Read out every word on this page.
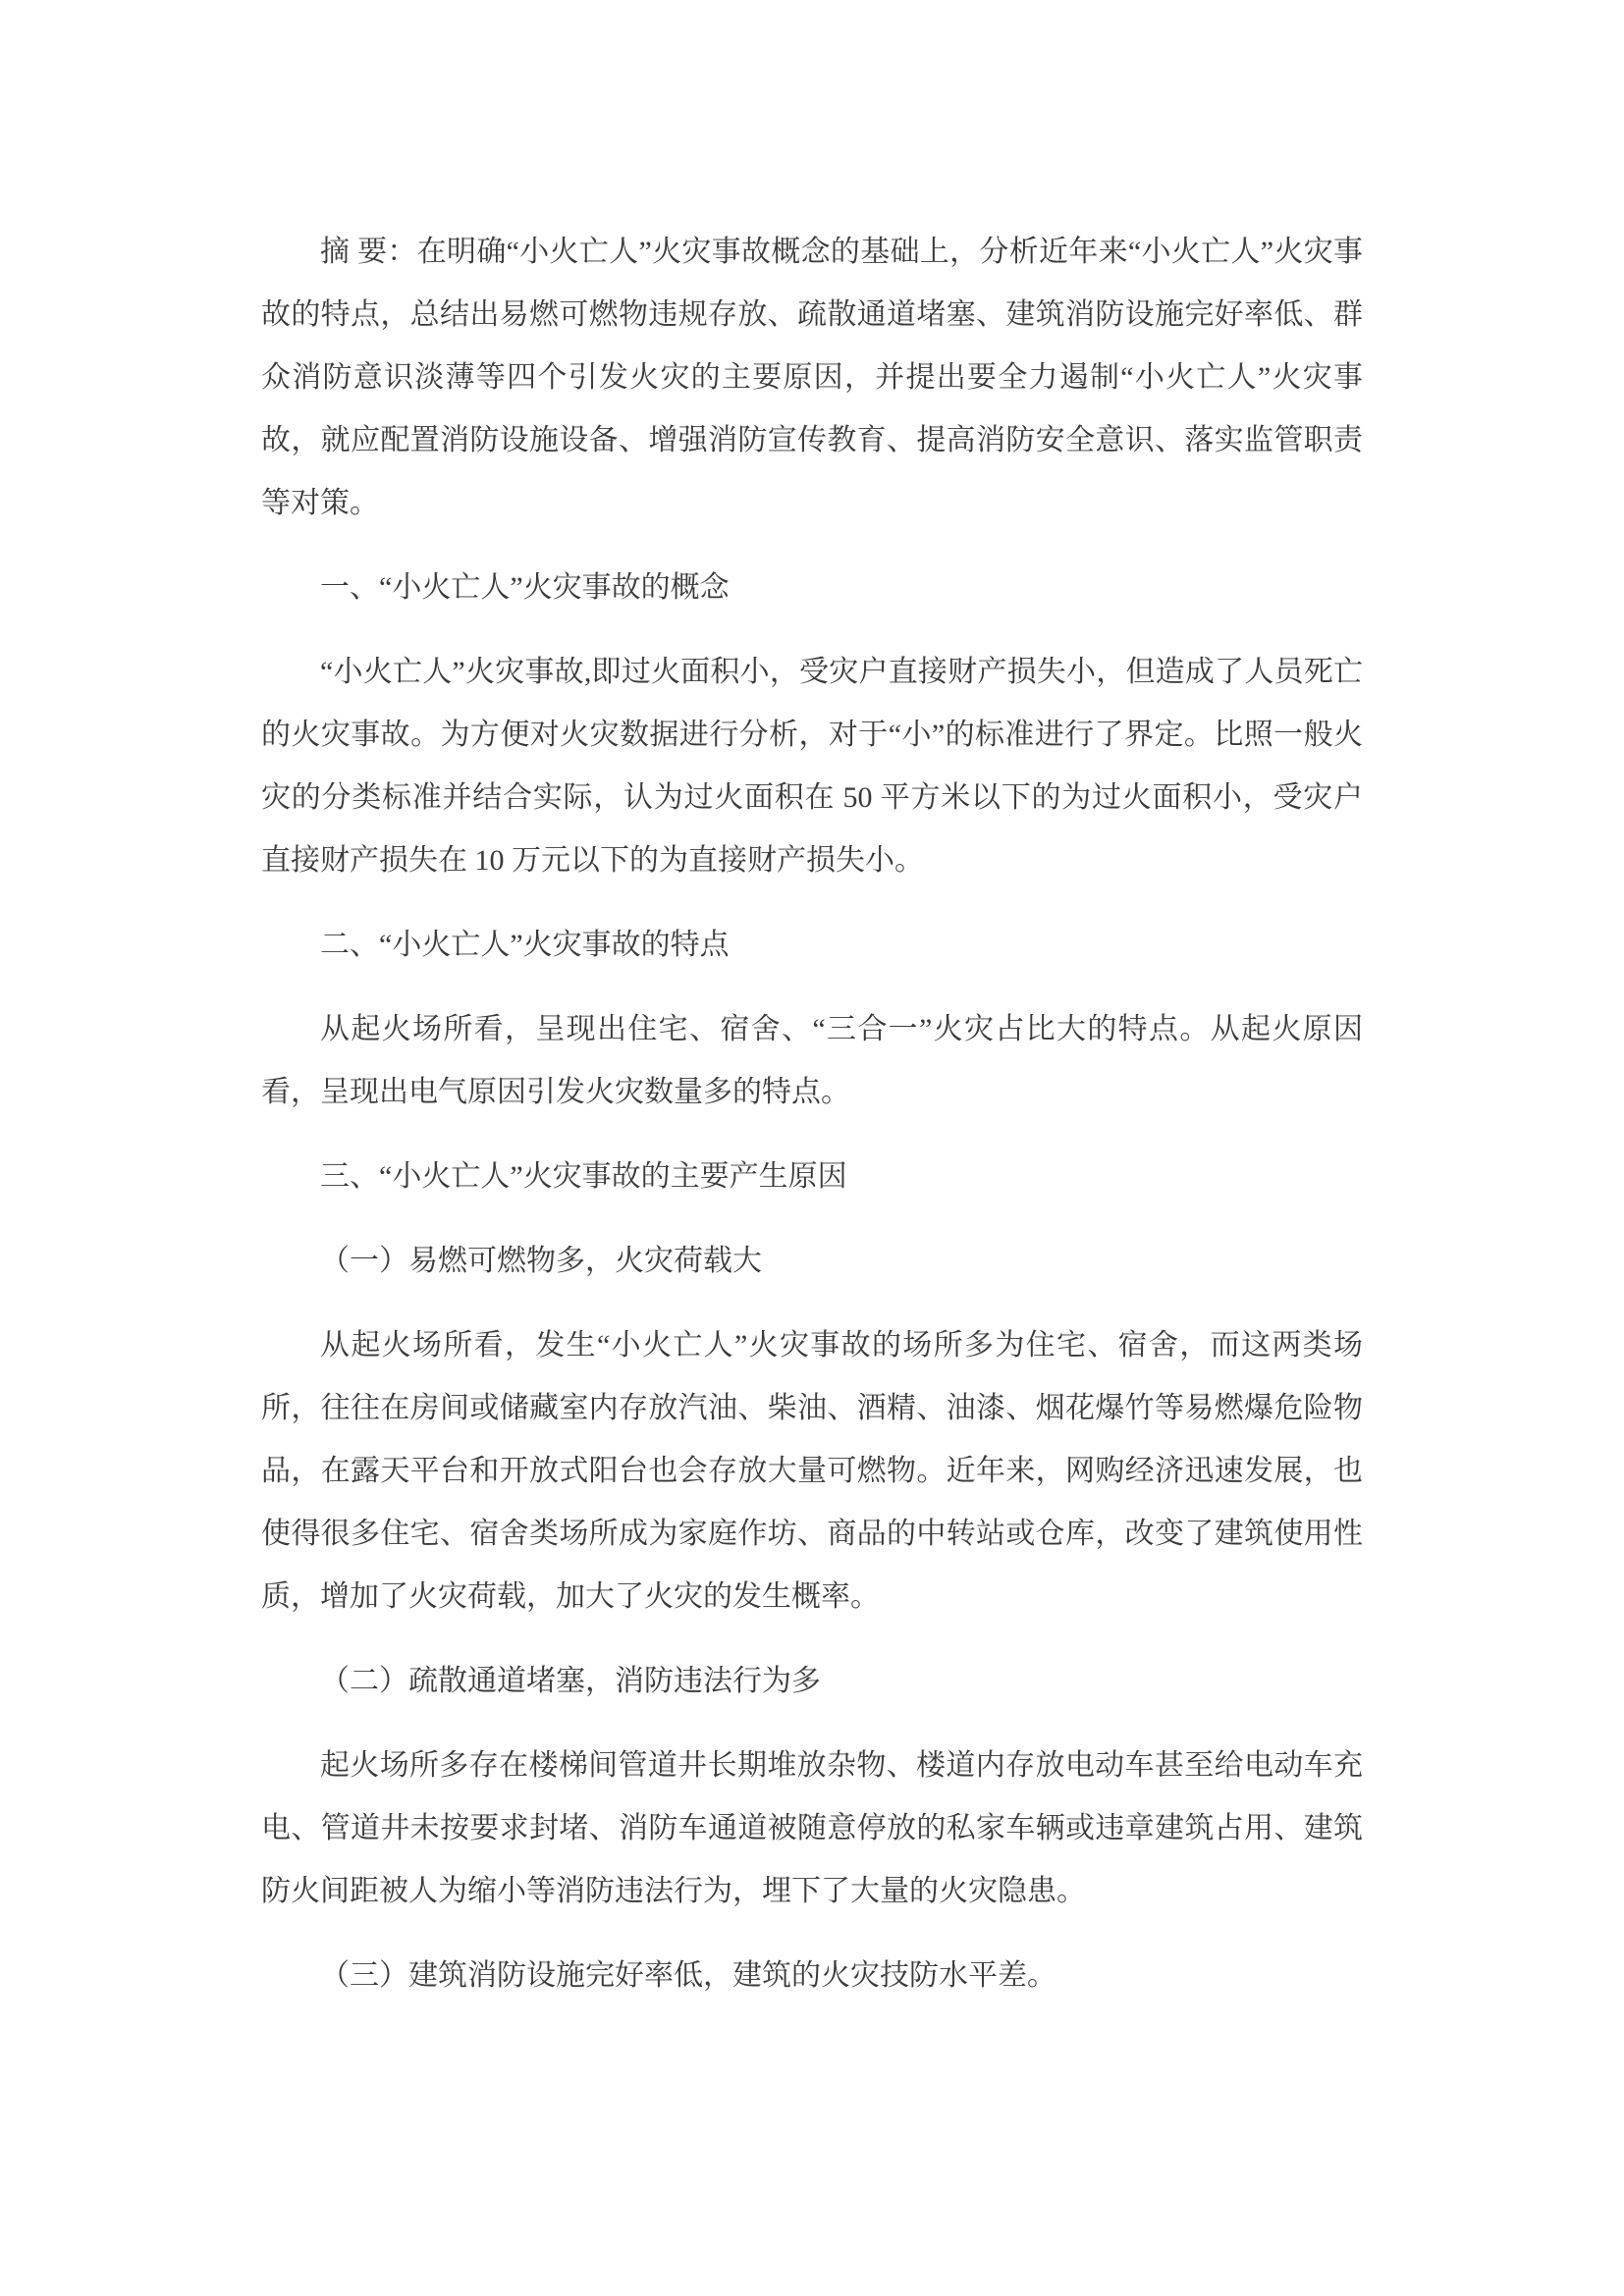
摘 要：在明确“小火亡人”火灾事故概念的基础上，分析近年来“小火亡人”火灾事故的特点，总结出易燃可燃物违规存放、疏散通道堵塞、建筑消防设施完好率低、群众消防意识淡薄等四个引发火灾的主要原因，并提出要全力遏制“小火亡人”火灾事故，就应配置消防设施设备、增强消防宣传教育、提高消防安全意识、落实监管职责等对策。

一、“小火亡人”火灾事故的概念

“小火亡人”火灾事故,即过火面积小，受灾户直接财产损失小，但造成了人员死亡的火灾事故。为方便对火灾数据进行分析，对于“小”的标准进行了界定。比照一般火灾的分类标准并结合实际，认为过火面积在 50 平方米以下的为过火面积小，受灾户直接财产损失在 10 万元以下的为直接财产损失小。

二、“小火亡人”火灾事故的特点

从起火场所看，呈现出住宅、宿舍、“三合一”火灾占比大的特点。从起火原因看，呈现出电气原因引发火灾数量多的特点。

三、“小火亡人”火灾事故的主要产生原因

（一）易燃可燃物多，火灾荷载大

从起火场所看，发生“小火亡人”火灾事故的场所多为住宅、宿舍，而这两类场所，往往在房间或储藏室内存放汽油、柴油、酒精、油漆、烟花爆竹等易燃爆危险物品，在露天平台和开放式阳台也会存放大量可燃物。近年来，网购经济迅速发展，也使得很多住宅、宿舍类场所成为家庭作坊、商品的中转站或仓库，改变了建筑使用性质，增加了火灾荷载，加大了火灾的发生概率。

（二）疏散通道堵塞，消防违法行为多

起火场所多存在楼梯间管道井长期堆放杂物、楼道内存放电动车甚至给电动车充电、管道井未按要求封堵、消防车通道被随意停放的私家车辆或违章建筑占用、建筑防火间距被人为缩小等消防违法行为，埋下了大量的火灾隐患。

（三）建筑消防设施完好率低，建筑的火灾技防水平差。
